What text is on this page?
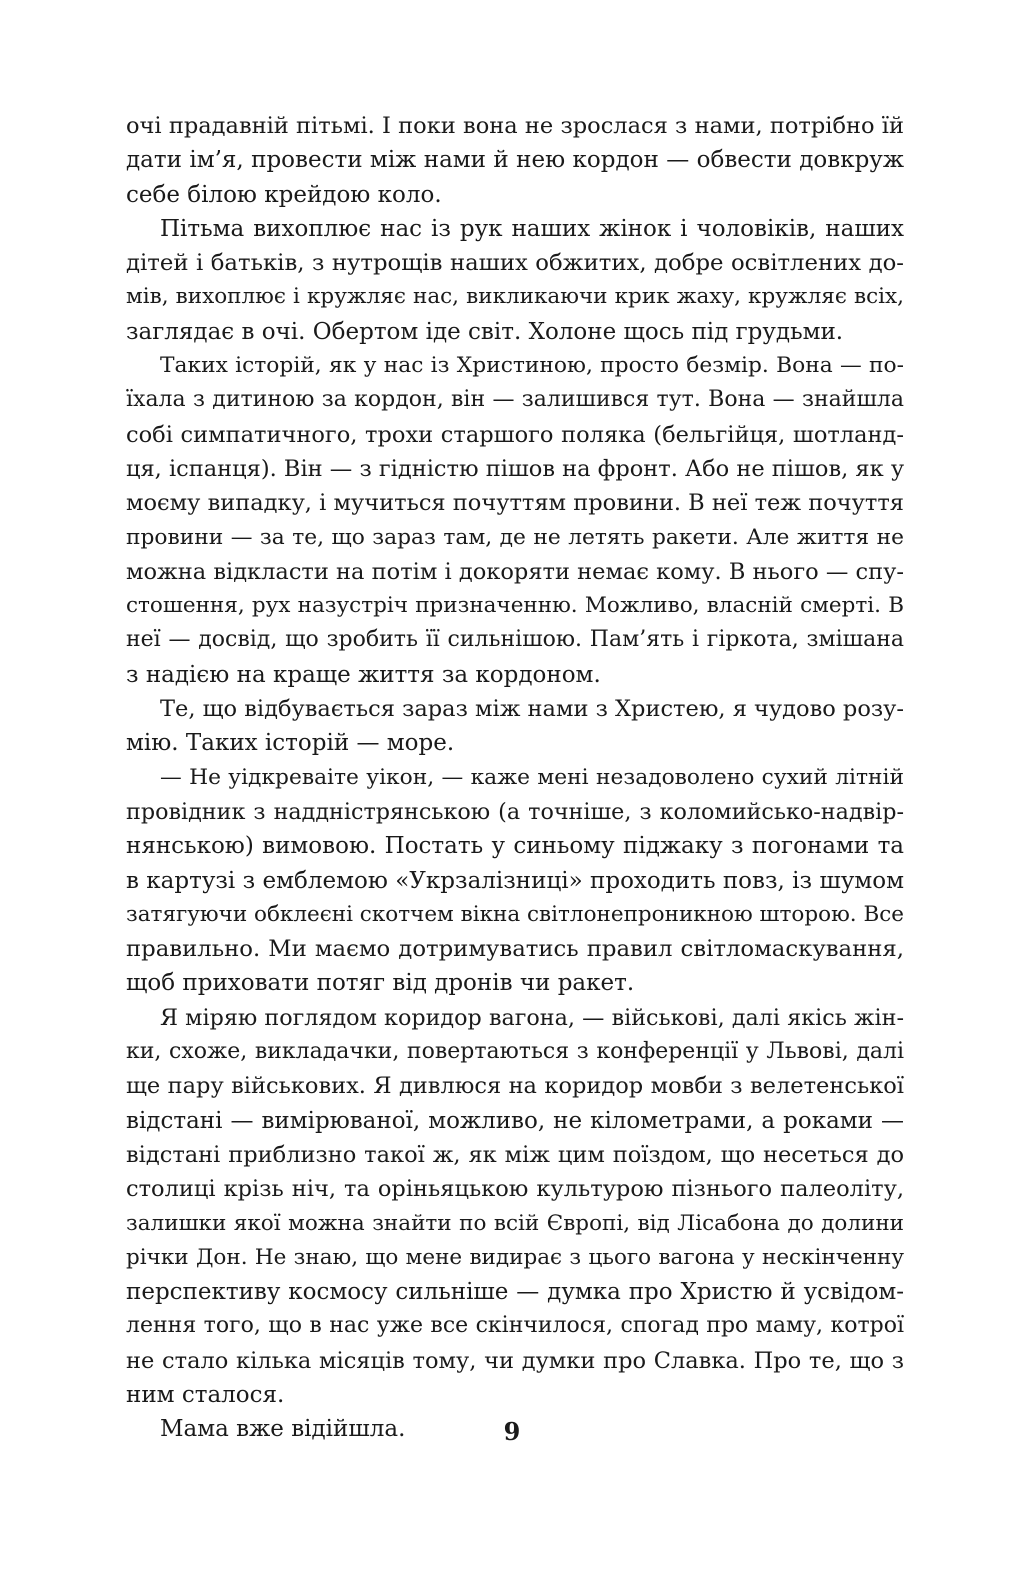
очі прадавній пітьмі. І поки вона не зрослася з нами, потрібно їй
дати ім’я, провести між нами й нею кордон — обвести довкруж
себе білою крейдою коло.
Пітьма вихоплює нас із рук наших жінок і чоловіків, наших
дітей і батьків, з нутрощів наших обжитих, добре освітлених до-
мів, вихоплює і кружляє нас, викликаючи крик жаху, кружляє всіх,
заглядає в очі. Обертом іде світ. Холоне щось під грудьми.
Таких історій, як у нас із Христиною, просто безмір. Вона — по-
їхала з дитиною за кордон, він — залишився тут. Вона — знайшла
собі симпатичного, трохи старшого поляка (бельгійця, шотланд-
ця, іспанця). Він — з гідністю пішов на фронт. Або не пішов, як у
моєму випадку, і мучиться почуттям провини. В неї теж почуття
провини — за те, що зараз там, де не летять ракети. Але життя не
можна відкласти на потім і докоряти немає кому. В нього — спу-
стошення, рух назустріч призначенню. Можливо, власній смерті. В
неї — досвід, що зробить її сильнішою. Пам’ять і гіркота, змішана
з надією на краще життя за кордоном.
Те, що відбувається зараз між нами з Христею, я чудово розу-
мію. Таких історій — море.
— Не уідкреваіте уікон, — каже мені незадоволено сухий літній
провідник з наддністрянською (а точніше, з коломийсько-надвір-
нянською) вимовою. Постать у синьому піджаку з погонами та
в картузі з емблемою «Укрзалізниці» проходить повз, із шумом
затягуючи обклеєні скотчем вікна світлонепроникною шторою. Все
правильно. Ми маємо дотримуватись правил світломаскування,
щоб приховати потяг від дронів чи ракет.
Я міряю поглядом коридор вагона, — військові, далі якісь жін-
ки, схоже, викладачки, повертаються з конференції у Львові, далі
ще пару військових. Я дивлюся на коридор мовби з велетенської
відстані — вимірюваної, можливо, не кілометрами, а роками —
відстані приблизно такої ж, як між цим поїздом, що несеться до
столиці крізь ніч, та оріньяцькою культурою пізнього палеоліту,
залишки якої можна знайти по всій Європі, від Лісабона до долини
річки Дон. Не знаю, що мене видирає з цього вагона у нескінченну
перспективу космосу сильніше — думка про Христю й усвідом-
лення того, що в нас уже все скінчилося, спогад про маму, котрої
не стало кілька місяців тому, чи думки про Славка. Про те, що з
ним сталося.
Мама вже відійшла.	9
